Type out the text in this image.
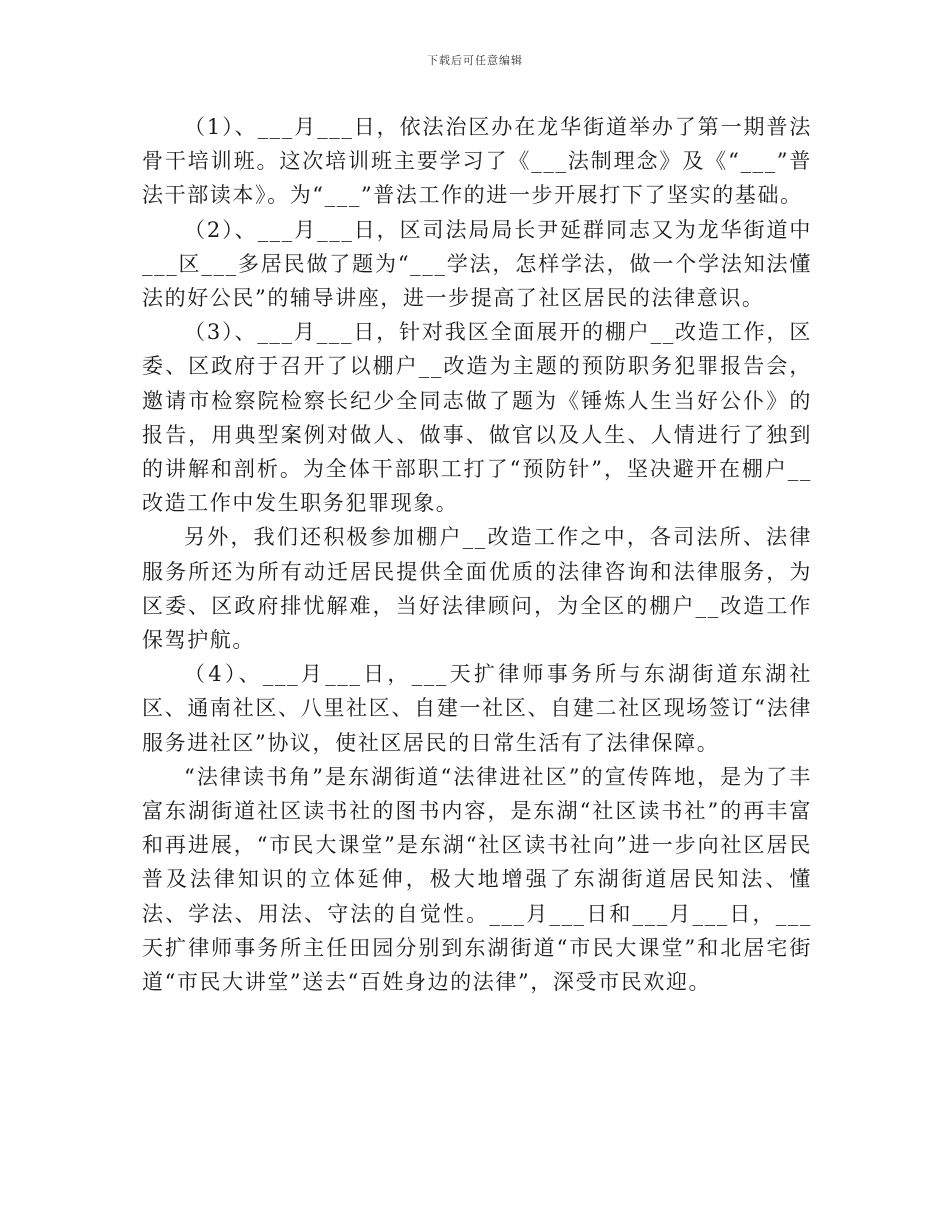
下载后可任意编辑

（1）、___月___日，依法治区办在龙华街道举办了第一期普法骨干培训班。这次培训班主要学习了《___法制理念》及《“___”普法干部读本》。为“___”普法工作的进一步开展打下了坚实的基础。

（2）、___月___日，区司法局局长尹延群同志又为龙华街道中___区___多居民做了题为“___学法，怎样学法，做一个学法知法懂法的好公民”的辅导讲座，进一步提高了社区居民的法律意识。

（3）、___月___日，针对我区全面展开的棚户__改造工作，区委、区政府于召开了以棚户__改造为主题的预防职务犯罪报告会，邀请市检察院检察长纪少全同志做了题为《锤炼人生当好公仆》的报告，用典型案例对做人、做事、做官以及人生、人情进行了独到的讲解和剖析。为全体干部职工打了“预防针”，坚决避开在棚户__改造工作中发生职务犯罪现象。

另外，我们还积极参加棚户__改造工作之中，各司法所、法律服务所还为所有动迁居民提供全面优质的法律咨询和法律服务，为区委、区政府排忧解难，当好法律顾问，为全区的棚户__改造工作保驾护航。

（4）、___月___日，___天扩律师事务所与东湖街道东湖社区、通南社区、八里社区、自建一社区、自建二社区现场签订“法律服务进社区”协议，使社区居民的日常生活有了法律保障。

“法律读书角”是东湖街道“法律进社区”的宣传阵地，是为了丰富东湖街道社区读书社的图书内容，是东湖“社区读书社”的再丰富和再进展，“市民大课堂”是东湖“社区读书社向”进一步向社区居民普及法律知识的立体延伸，极大地增强了东湖街道居民知法、懂法、学法、用法、守法的自觉性。___月___日和___月___日，___天扩律师事务所主任田园分别到东湖街道“市民大课堂”和北居宅街道“市民大讲堂”送去“百姓身边的法律”，深受市民欢迎。
